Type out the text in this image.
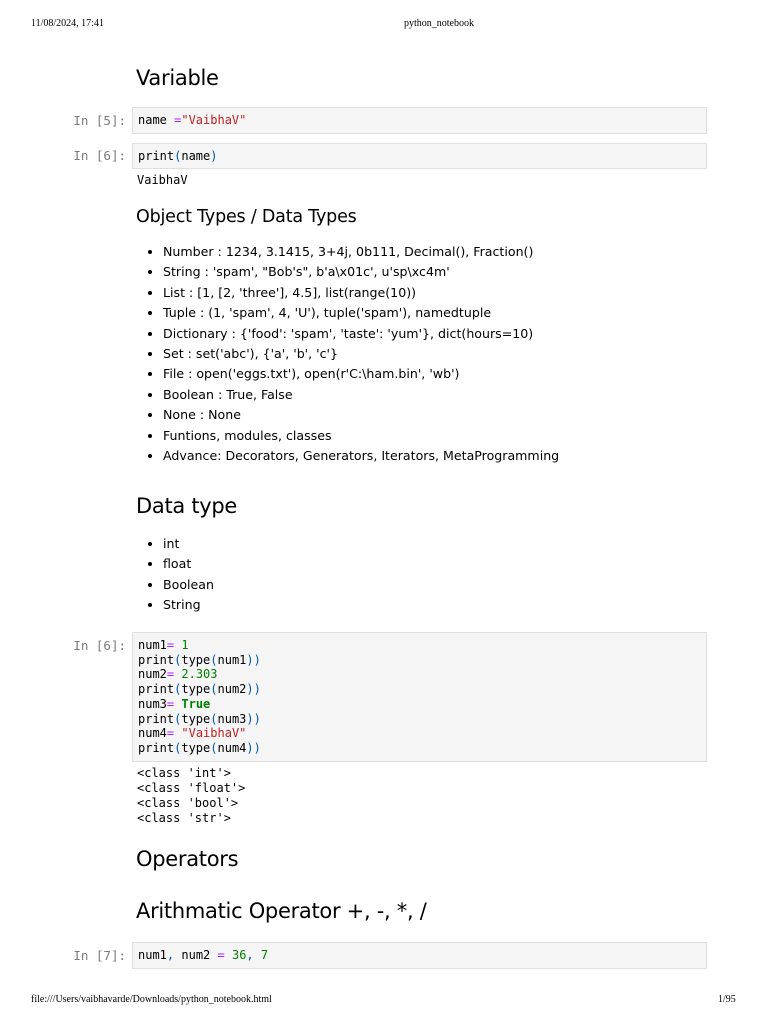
11/08/2024, 17:41	python_notebook
Variable
In [5]:	name ="VaibhaV"
In [6]:	print(name)
VaibhaV
Object Types / Data Types
• Number : 1234, 3.1415, 3+4j, 0b111, Decimal(), Fraction()
• String : 'spam', "Bob's", b'a\x01c', u'sp\xc4m'
• List : [1, [2, 'three'], 4.5], list(range(10))
• Tuple : (1, 'spam', 4, 'U'), tuple('spam'), namedtuple
• Dictionary : {'food': 'spam', 'taste': 'yum'}, dict(hours=10)
• Set : set('abc'), {'a', 'b', 'c'}
• File : open('eggs.txt'), open(r'C:\ham.bin', 'wb')
• Boolean : True, False
• None : None
• Funtions, modules, classes
• Advance: Decorators, Generators, Iterators, MetaProgramming
Data type
• int
• float
• Boolean
• String
In [6]: num1= 1
print(type(num1))
num2= 2.303
print(type(num2))
num3= True
print(type(num3))
num4= "VaibhaV"
print(type(num4))
<class 'int'>
<class 'float'>
<class 'bool'>
<class 'str'>
Operators
Arithmatic Operator +, -, *, /
In [7]:	num1, num2 = 36, 7
file:///Users/vaibhavarde/Downloads/python_notebook.html	1/95
